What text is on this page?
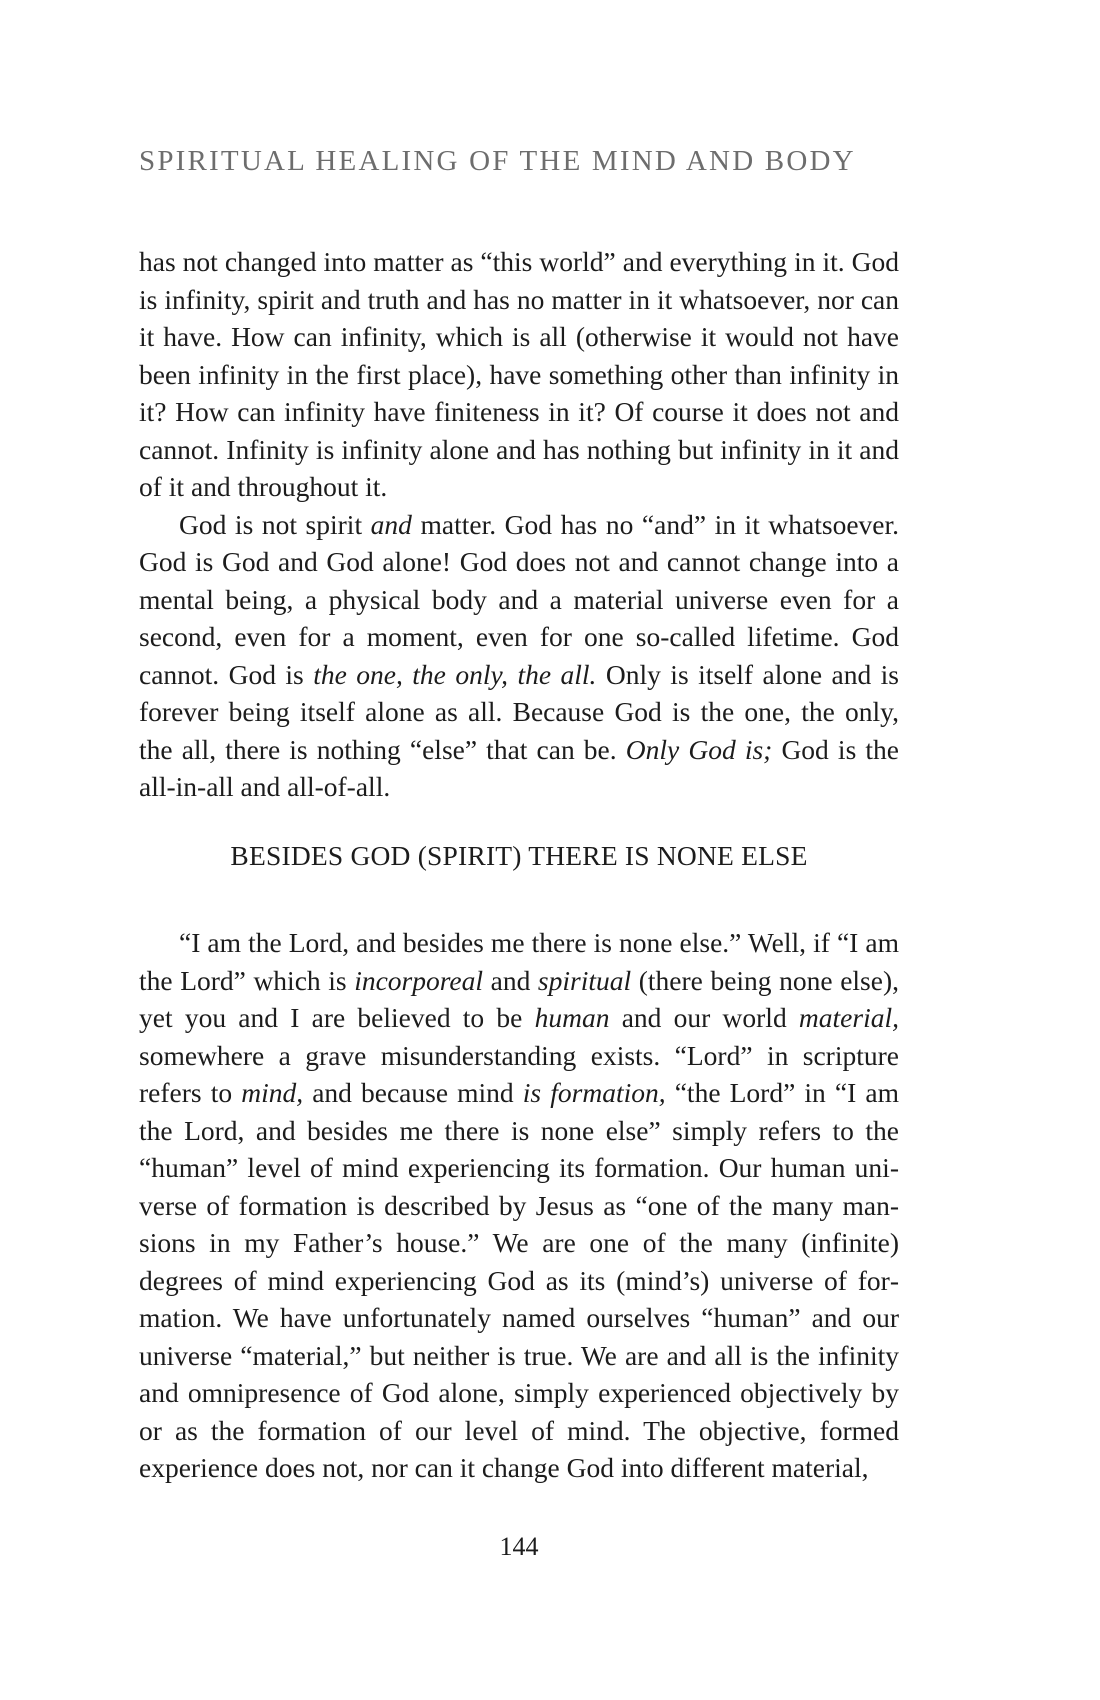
SPIRITUAL HEALING OF THE MIND AND BODY

has not changed into matter as “this world” and everything in it. God is infinity, spirit and truth and has no matter in it whatsoever, nor can it have. How can infinity, which is all (otherwise it would not have been infinity in the first place), have something other than infinity in it? How can infinity have finiteness in it? Of course it does not and cannot. Infinity is infinity alone and has nothing but infinity in it and of it and throughout it.

God is not spirit and matter. God has no “and” in it whatsoever. God is God and God alone! God does not and cannot change into a mental being, a physical body and a material universe even for a second, even for a moment, even for one so-called lifetime. God cannot. God is the one, the only, the all. Only is itself alone and is forever being itself alone as all. Because God is the one, the only, the all, there is nothing “else” that can be. Only God is; God is the all-in-all and all-of-all.

BESIDES GOD (SPIRIT) THERE IS NONE ELSE

“I am the Lord, and besides me there is none else.” Well, if “I am the Lord” which is incorporeal and spiritual (there being none else), yet you and I are believed to be human and our world material, somewhere a grave misunderstanding exists. “Lord” in scripture refers to mind, and because mind is formation, “the Lord” in “I am the Lord, and besides me there is none else” simply refers to the “human” level of mind experiencing its formation. Our human universe of formation is described by Jesus as “one of the many mansions in my Father’s house.” We are one of the many (infinite) degrees of mind experiencing God as its (mind’s) universe of formation. We have unfortunately named ourselves “human” and our universe “material,” but neither is true. We are and all is the infinity and omnipresence of God alone, simply experienced objectively by or as the formation of our level of mind. The objective, formed experience does not, nor can it change God into different material,

144
